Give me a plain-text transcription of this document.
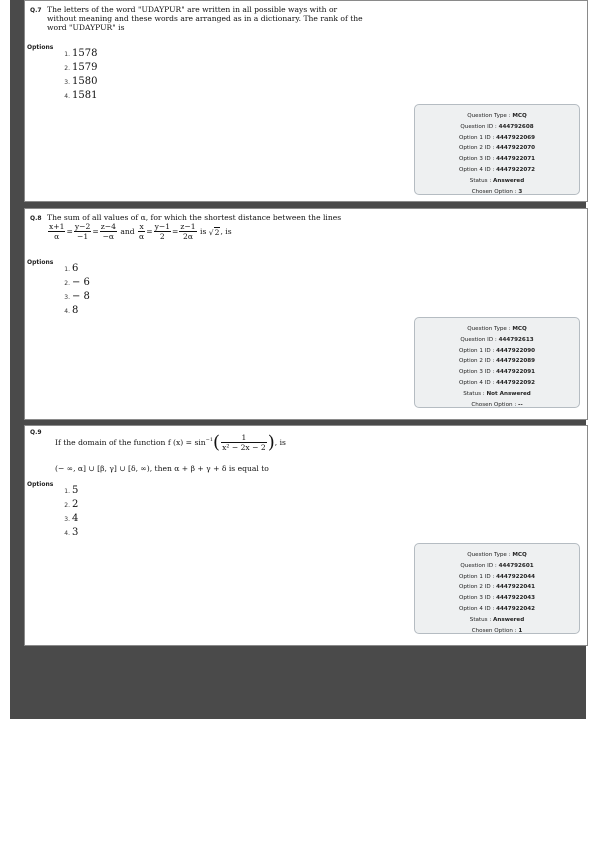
Q.7 The letters of the word "UDAYPUR" are written in all possible ways with or
without meaning and these words are arranged as in a dictionary. The rank of the
word "UDAYPUR" is
Options
1. 1578
2. 1579
3. 1580
4. 1581
Question Type : MCQ
Question ID : 444792608
Option 1 ID : 4447922069
Option 2 ID : 4447922070
Option 3 ID : 4447922071
Option 4 ID : 4447922072
Status : Answered
Chosen Option : 3
Q.8 The sum of all values of α, for which the shortest distance between the lines
$\frac{x+1}{\alpha} = \frac{y-2}{-1} = \frac{z-4}{-\alpha}$ and $\frac{x}{\alpha} = \frac{y-1}{2} = \frac{z-1}{2\alpha}$ is √2, is
Options
1. 6
2. − 6
3. − 8
4. 8
Question Type : MCQ
Question ID : 444792613
Option 1 ID : 4447922090
Option 2 ID : 4447922089
Option 3 ID : 4447922091
Option 4 ID : 4447922092
Status : Not Answered
Chosen Option : --
Q.9
If the domain of the function f $(x) = \sin^{-1}( \frac{1}{\text{x² − 2x − 2}}$ ), is
(− ∞, α] ∪ [β, γ] ∪ [δ, ∞), then α + β + γ + δ is equal to
Options
1. 5
2. 2
3. 4
4. 3
Question Type : MCQ
Question ID : 444792601
Option 1 ID : 4447922044
Option 2 ID : 4447922041
Option 3 ID : 4447922043
Option 4 ID : 4447922042
Status : Answered
Chosen Option : 1
